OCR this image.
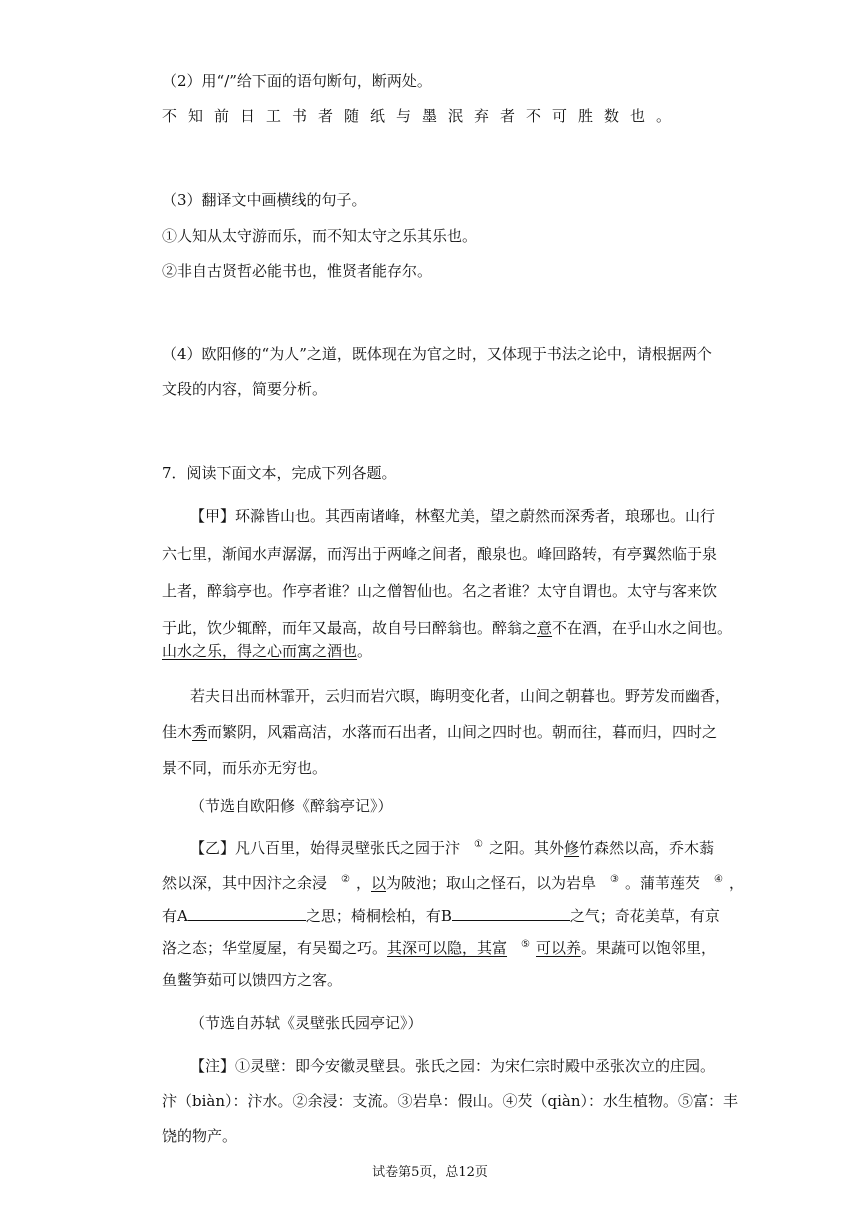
（2）用“/”给下面的语句断句，断两处。
不知前日工书者随纸与墨泯弃者不可胜数也。
（3）翻译文中画横线的句子。
①人知从太守游而乐，而不知太守之乐其乐也。
②非自古贤哲必能书也，惟贤者能存尔。
（4）欧阳修的“为人”之道，既体现在为官之时，又体现于书法之论中，请根据两个
文段的内容，简要分析。
7．阅读下面文本，完成下列各题。
【甲】环滁皆山也。其西南诸峰，林壑尤美，望之蔚然而深秀者，琅琊也。山行
六七里，渐闻水声潺潺，而泻出于两峰之间者，酿泉也。峰回路转，有亭翼然临于泉
上者，醉翁亭也。作亭者谁？山之僧智仙也。名之者谁？太守自谓也。太守与客来饮
于此，饮少辄醉，而年又最高，故自号曰醉翁也。醉翁之意不在酒，在乎山水之间也。
山水之乐，得之心而寓之酒也。
若夫日出而林霏开，云归而岩穴暝，晦明变化者，山间之朝暮也。野芳发而幽香，
佳木秀而繁阴，风霜高洁，水落而石出者，山间之四时也。朝而往，暮而归，四时之
景不同，而乐亦无穷也。
（节选自欧阳修《醉翁亭记》）
【乙】凡八百里，始得灵壁张氏之园于汴 ① 之阳。其外修竹森然以高，乔木蓊
然以深，其中因汴之余浸 ② ，以为陂池；取山之怪石，以为岩阜 ③ 。蒲苇莲芡 ④ ，
有A	之思；椅桐桧柏，有B	之气；奇花美草，有京
洛之态；华堂厦屋，有吴蜀之巧。其深可以隐，其富 ⑤ 可以养。果蔬可以饱邻里，
鱼鳖笋茹可以馈四方之客。
（节选自苏轼《灵壁张氏园亭记》）
【注】①灵壁：即今安徽灵壁县。张氏之园：为宋仁宗时殿中丞张次立的庄园。
汴（biàn）：汴水。②余浸：支流。③岩阜：假山。④芡（qiàn）：水生植物。⑤富：丰
饶的物产。
试卷第5页，总12页
